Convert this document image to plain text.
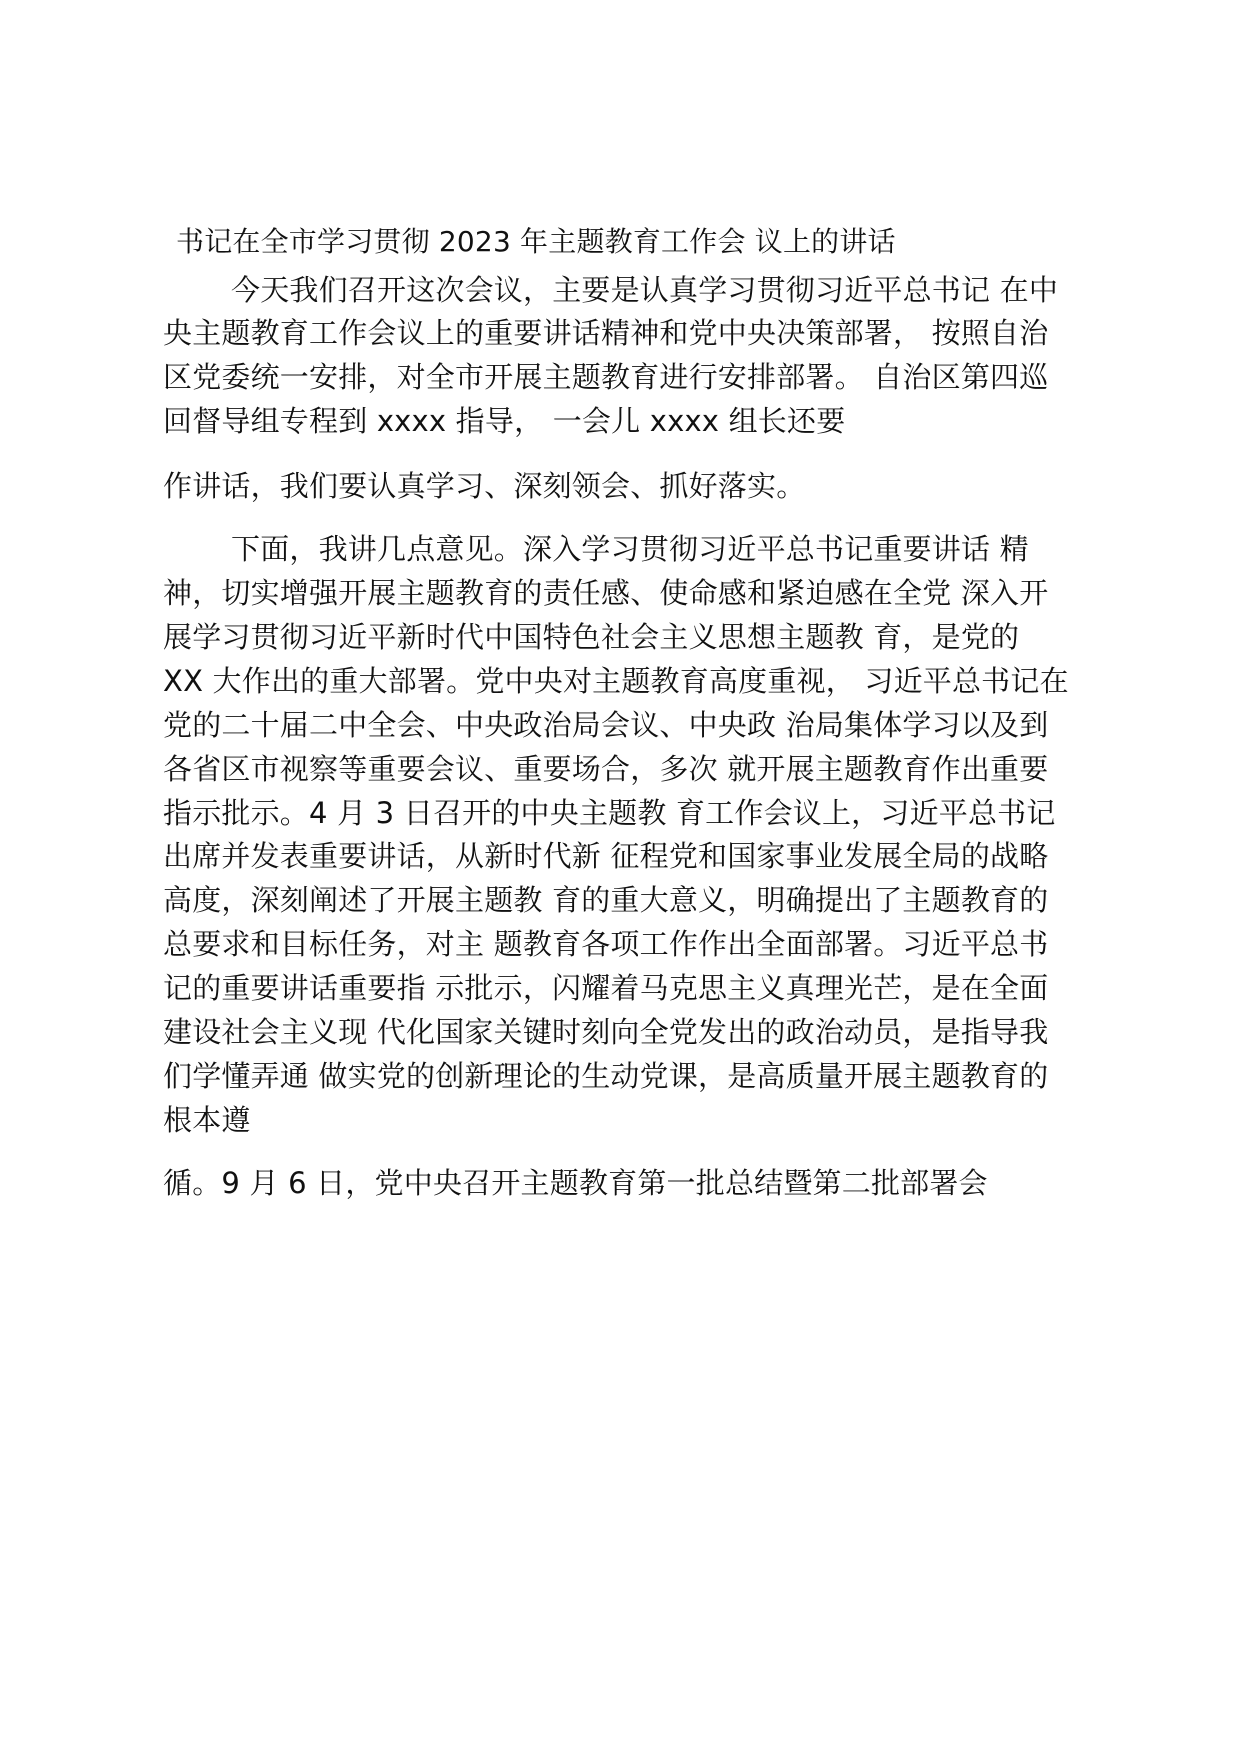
书记在全市学习贯彻 2023 年主题教育工作会 议上的讲话
今天我们召开这次会议，主要是认真学习贯彻习近平总书记 在中
央主题教育工作会议上的重要讲话精神和党中央决策部署， 按照自治
区党委统一安排，对全市开展主题教育进行安排部署。 自治区第四巡
回督导组专程到 xxxx 指导， 一会儿 xxxx 组长还要
作讲话，我们要认真学习、深刻领会、抓好落实。
下面，我讲几点意见。深入学习贯彻习近平总书记重要讲话 精
神，切实增强开展主题教育的责任感、使命感和紧迫感在全党 深入开
展学习贯彻习近平新时代中国特色社会主义思想主题教 育，是党的
XX 大作出的重大部署。党中央对主题教育高度重视， 习近平总书记在
党的二十届二中全会、中央政治局会议、中央政 治局集体学习以及到
各省区市视察等重要会议、重要场合，多次 就开展主题教育作出重要
指示批示。4 月 3 日召开的中央主题教 育工作会议上，习近平总书记
出席并发表重要讲话，从新时代新 征程党和国家事业发展全局的战略
高度，深刻阐述了开展主题教 育的重大意义，明确提出了主题教育的
总要求和目标任务，对主 题教育各项工作作出全面部署。习近平总书
记的重要讲话重要指 示批示，闪耀着马克思主义真理光芒，是在全面
建设社会主义现 代化国家关键时刻向全党发出的政治动员，是指导我
们学懂弄通 做实党的创新理论的生动党课，是高质量开展主题教育的
根本遵
循。9 月 6 日，党中央召开主题教育第一批总结暨第二批部署会
